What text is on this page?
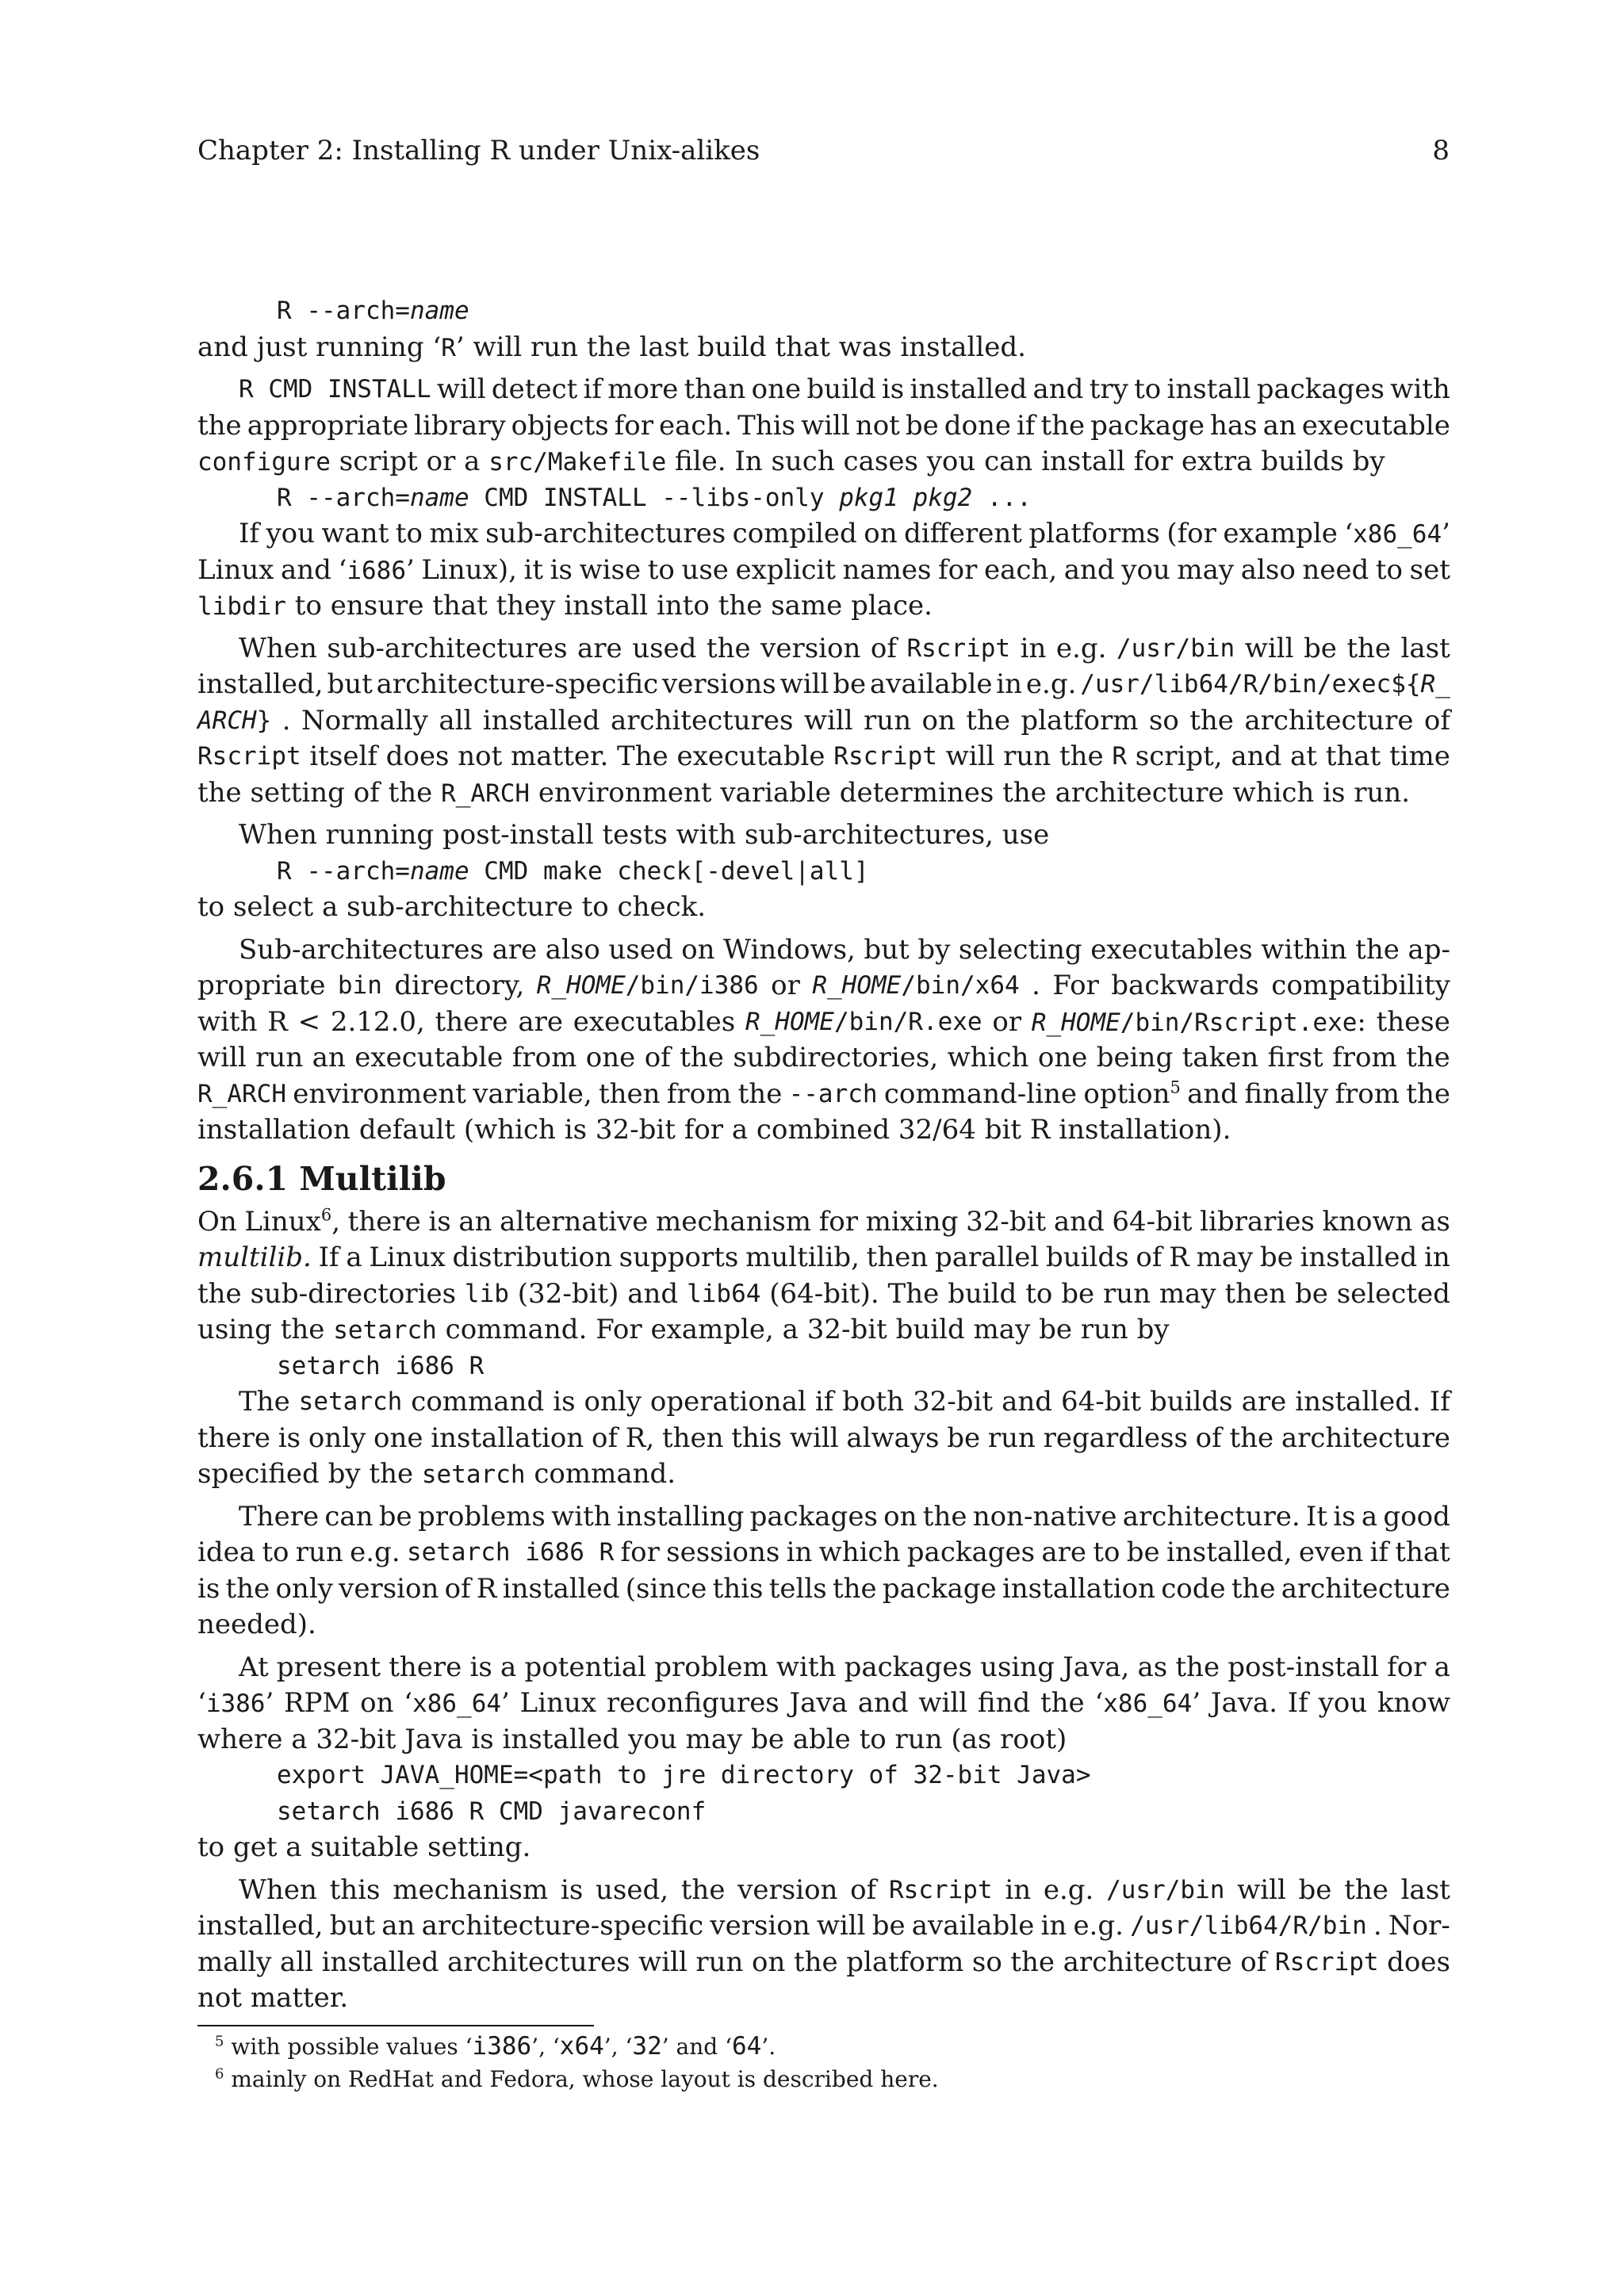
Chapter 2: Installing R under Unix-alikes	8
R --arch=name
and just running ‘R’ will run the last build that was installed.
R CMD INSTALL will detect if more than one build is installed and try to install packages with
the appropriate library objects for each. This will not be done if the package has an executable
configure script or a src/Makefile file. In such cases you can install for extra builds by
R --arch=name CMD INSTALL --libs-only pkg1 pkg2 ...
If you want to mix sub-architectures compiled on different platforms (for example ‘x86_64’
Linux and ‘i686’ Linux), it is wise to use explicit names for each, and you may also need to set
libdir to ensure that they install into the same place.
When sub-architectures are used the version of Rscript in e.g. /usr/bin will be the last
installed, but architecture-specific versions will be available in e.g. /usr/lib64/R/bin/exec${R_
ARCH} . Normally all installed architectures will run on the platform so the architecture of
Rscript itself does not matter. The executable Rscript will run the R script, and at that time
the setting of the R_ARCH environment variable determines the architecture which is run.
When running post-install tests with sub-architectures, use
R --arch=name CMD make check[-devel|all]
to select a sub-architecture to check.
Sub-architectures are also used on Windows, but by selecting executables within the ap-
propriate bin directory, R_HOME/bin/i386 or R_HOME/bin/x64 . For backwards compatibility
with R < 2.12.0, there are executables R_HOME/bin/R.exe or R_HOME/bin/Rscript.exe: these
will run an executable from one of the subdirectories, which one being taken first from the
R_ARCH environment variable, then from the --arch command-line option$^5$ and finally from the
installation default (which is 32-bit for a combined 32/64 bit R installation).
2.6.1 Multilib
On Linux$^6$, there is an alternative mechanism for mixing 32-bit and 64-bit libraries known as
multilib. If a Linux distribution supports multilib, then parallel builds of R may be installed in
the sub-directories lib (32-bit) and lib64 (64-bit). The build to be run may then be selected
using the setarch command. For example, a 32-bit build may be run by
setarch i686 R
The setarch command is only operational if both 32-bit and 64-bit builds are installed. If
there is only one installation of R, then this will always be run regardless of the architecture
specified by the setarch command.
There can be problems with installing packages on the non-native architecture. It is a good
idea to run e.g. setarch i686 R for sessions in which packages are to be installed, even if that
is the only version of R installed (since this tells the package installation code the architecture
needed).
At present there is a potential problem with packages using Java, as the post-install for a
‘i386’ RPM on ‘x86_64’ Linux reconfigures Java and will find the ‘x86_64’ Java. If you know
where a 32-bit Java is installed you may be able to run (as root)
export JAVA_HOME=<path to jre directory of 32-bit Java>
setarch i686 R CMD javareconf
to get a suitable setting.
When this mechanism is used, the version of Rscript in e.g. /usr/bin will be the last
installed, but an architecture-specific version will be available in e.g. /usr/lib64/R/bin . Nor-
mally all installed architectures will run on the platform so the architecture of Rscript does
not matter.
$^5$ with possible values ‘i386’, ‘x64’, ‘32’ and ‘64’.
$^6$ mainly on RedHat and Fedora, whose layout is described here.
